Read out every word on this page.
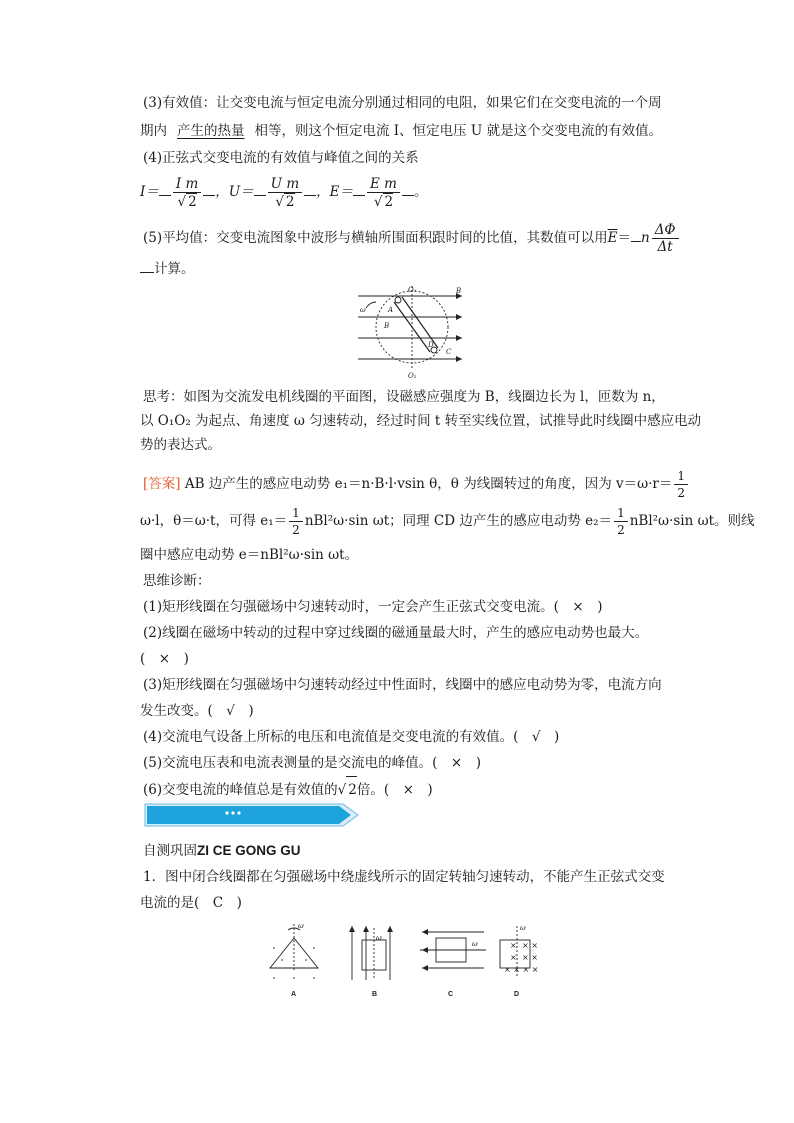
(3)有效值：让交变电流与恒定电流分别通过相同的电阻，如果它们在交变电流的一个周
期内 产生的热量 相等，则这个恒定电流 I、恒定电压 U 就是这个交变电流的有效值。
(4)正弦式交变电流的有效值与峰值之间的关系
$I= \frac{\text{I m}}{√ 2}$ ，$U= \frac{\text{U m}}{√ 2}$ ，$E= \frac{\text{E m}}{√ 2}$ 。
(5)平均值：交变电流图象中波形与横轴所围面积跟时间的比值，其数值可以用$\overline{E}= n \frac{\Delta\Phi}{\Delta t}$
计算。
O₁	B
ω	A
B
D
C
O₂
思考：如图为交流发电机线圈的平面图，设磁感应强度为 B，线圈边长为 l，匝数为 n，
以 O₁O₂ 为起点、角速度 ω 匀速转动，经过时间 t 转至实线位置，试推导此时线圈中感应电动
势的表达式。
[答案] AB 边产生的感应电动势 e₁＝n·B·l·vsin θ，θ 为线圈转过的角度，因为 $v=\omega\cdot r= \frac{1}{2}$
ω·l，θ＝ω·t，可得 $e_1= \frac{1}{2} nBl^2\omega\cdot\sin$ ωt；同理 CD 边产生的感应电动势 $e_2= \frac{1}{2} nBl^2\omega\cdot\sin$ ωt。则线
圈中感应电动势 e＝nBl²ω·sin ωt。
思维诊断：
(1)矩形线圈在匀强磁场中匀速转动时，一定会产生正弦式交变电流。(　×　)
(2)线圈在磁场中转动的过程中穿过线圈的磁通量最大时，产生的感应电动势也最大。
(　×　)
(3)矩形线圈在匀强磁场中匀速转动经过中性面时，线圈中的感应电动势为零，电流方向
发生改变。(　√　)
(4)交流电气设备上所标的电压和电流值是交变电流的有效值。(　√　)
(5)交流电压表和电流表测量的是交流电的峰值。(　×　)
(6)交变电流的峰值总是有效值的√ 2倍。(　×　)
自测巩固ZI CE GONG GU
1．图中闭合线圈都在匀强磁场中绕虚线所示的固定转轴匀速转动，不能产生正弦式交变
电流的是(　C　)
× ×
× ×
× × × ×
×
×
ω
ω
ω
ω
A	B	C	D
